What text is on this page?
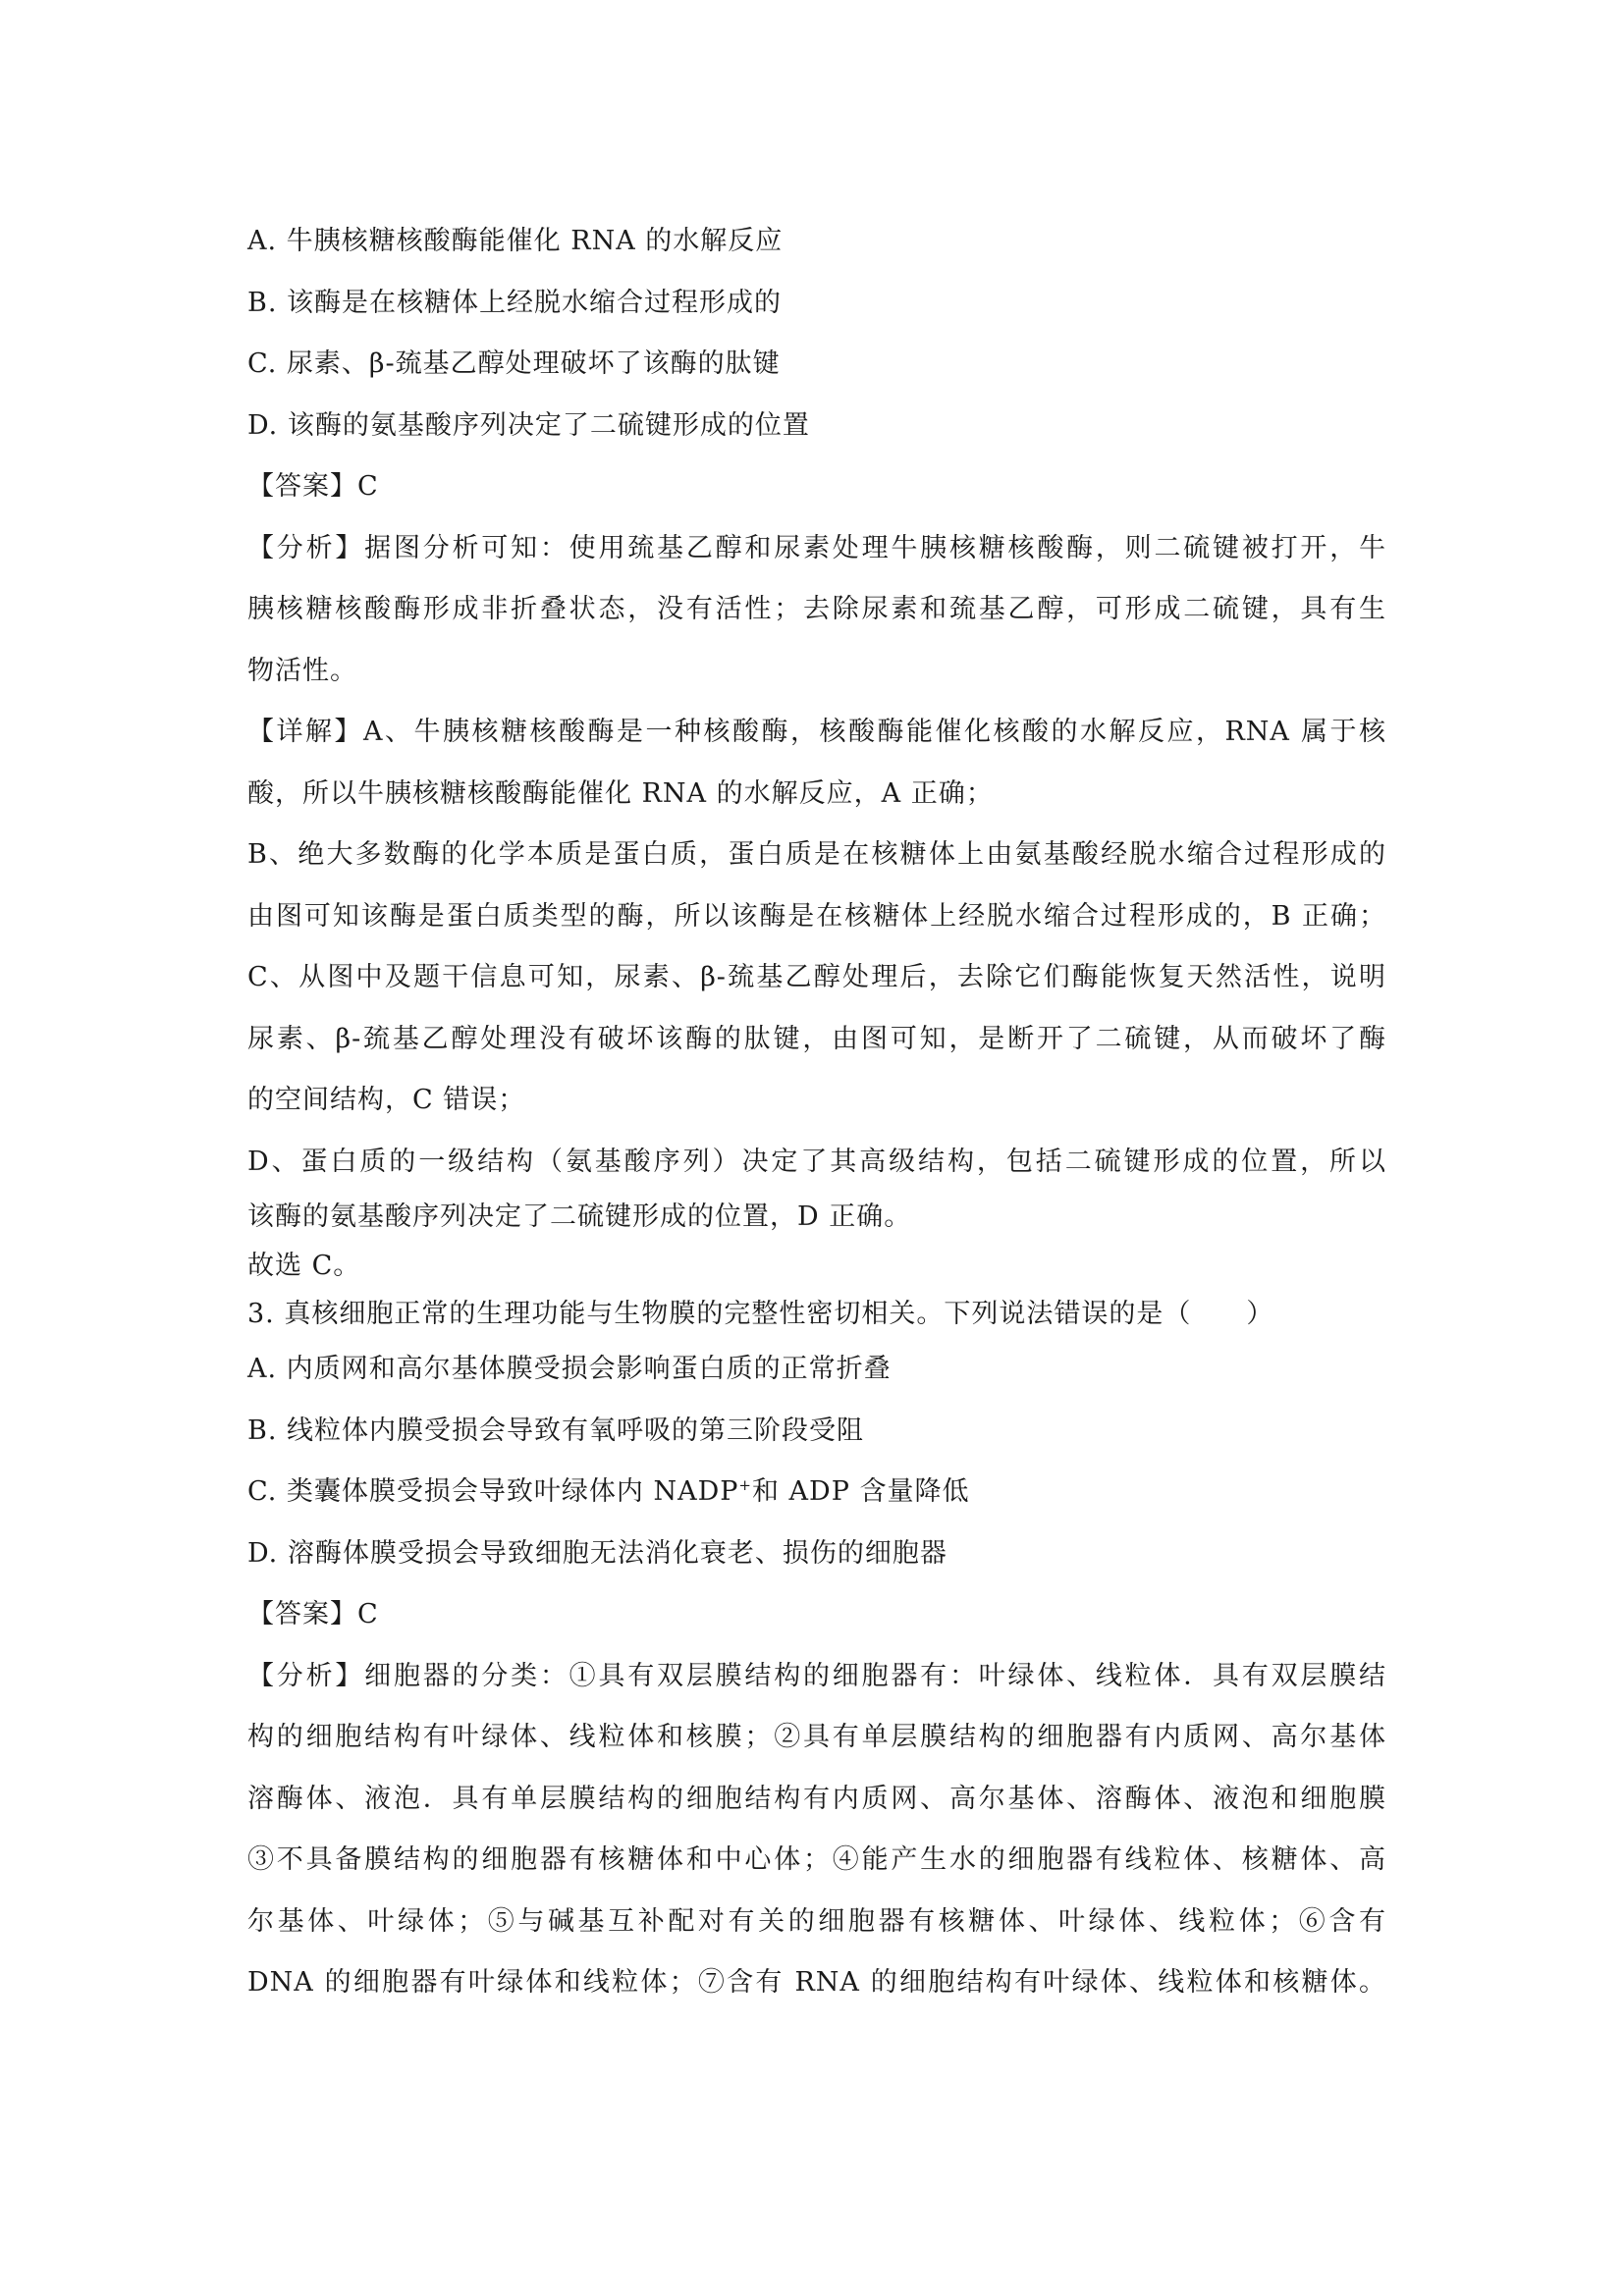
A. 牛胰核糖核酸酶能催化 RNA 的水解反应
B. 该酶是在核糖体上经脱水缩合过程形成的
C. 尿素、β-巯基乙醇处理破坏了该酶的肽键
D. 该酶的氨基酸序列决定了二硫键形成的位置
【答案】C
【分析】据图分析可知：使用巯基乙醇和尿素处理牛胰核糖核酸酶，则二硫键被打开，牛
胰核糖核酸酶形成非折叠状态，没有活性；去除尿素和巯基乙醇，可形成二硫键，具有生
物活性。
【详解】A、牛胰核糖核酸酶是一种核酸酶，核酸酶能催化核酸的水解反应，RNA 属于核
酸，所以牛胰核糖核酸酶能催化 RNA 的水解反应，A 正确；
B、绝大多数酶的化学本质是蛋白质，蛋白质是在核糖体上由氨基酸经脱水缩合过程形成的
由图可知该酶是蛋白质类型的酶，所以该酶是在核糖体上经脱水缩合过程形成的，B 正确；
C、从图中及题干信息可知，尿素、β-巯基乙醇处理后，去除它们酶能恢复天然活性，说明
尿素、β-巯基乙醇处理没有破坏该酶的肽键，由图可知，是断开了二硫键，从而破坏了酶
的空间结构，C 错误；
D、蛋白质的一级结构（氨基酸序列）决定了其高级结构，包括二硫键形成的位置，所以
该酶的氨基酸序列决定了二硫键形成的位置，D 正确。
故选 C。
3. 真核细胞正常的生理功能与生物膜的完整性密切相关。下列说法错误的是（　　）
A. 内质网和高尔基体膜受损会影响蛋白质的正常折叠
B. 线粒体内膜受损会导致有氧呼吸的第三阶段受阻
C. 类囊体膜受损会导致叶绿体内 NADP+和 ADP 含量降低
D. 溶酶体膜受损会导致细胞无法消化衰老、损伤的细胞器
【答案】C
【分析】细胞器的分类：①具有双层膜结构的细胞器有：叶绿体、线粒体．具有双层膜结
构的细胞结构有叶绿体、线粒体和核膜；②具有单层膜结构的细胞器有内质网、高尔基体
溶酶体、液泡．具有单层膜结构的细胞结构有内质网、高尔基体、溶酶体、液泡和细胞膜
③不具备膜结构的细胞器有核糖体和中心体；④能产生水的细胞器有线粒体、核糖体、高
尔基体、叶绿体；⑤与碱基互补配对有关的细胞器有核糖体、叶绿体、线粒体；⑥含有
DNA 的细胞器有叶绿体和线粒体；⑦含有 RNA 的细胞结构有叶绿体、线粒体和核糖体。
